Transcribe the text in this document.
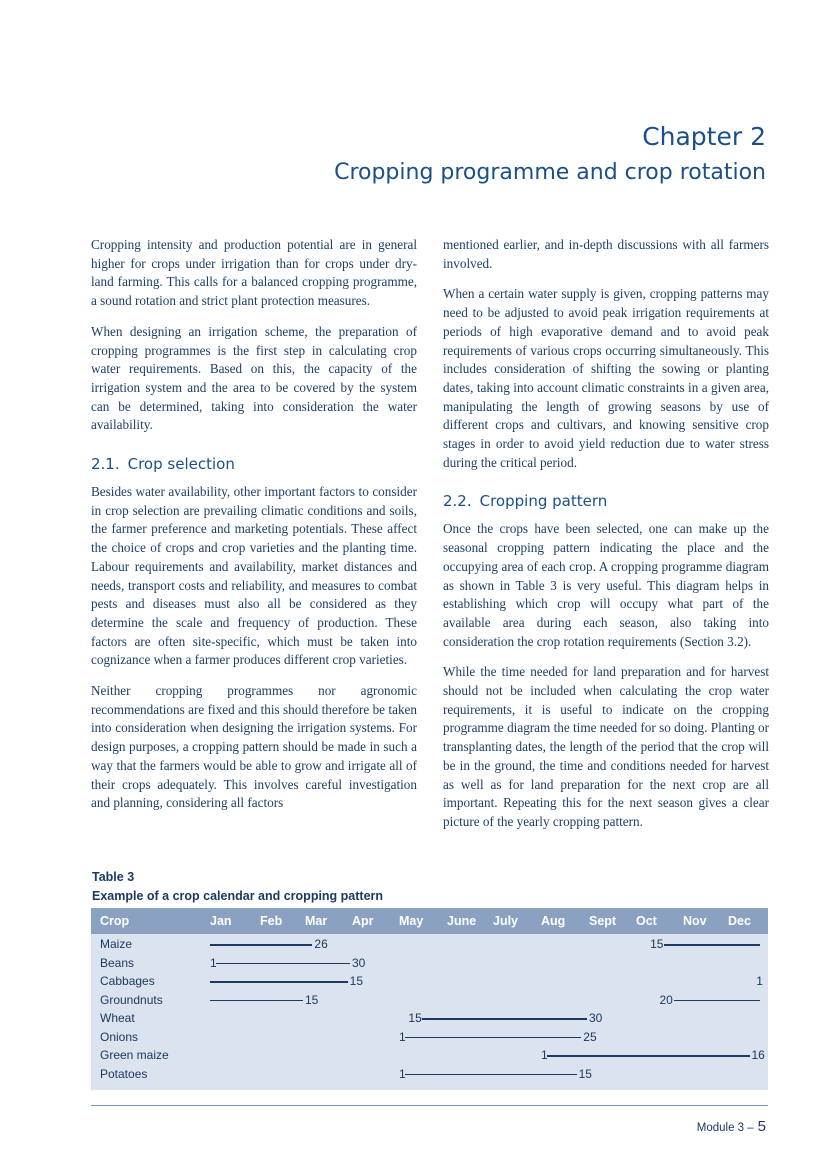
Chapter 2
Cropping programme and crop rotation

Cropping intensity and production potential are in general higher for crops under irrigation than for crops under dry-land farming. This calls for a balanced cropping programme, a sound rotation and strict plant protection measures.

When designing an irrigation scheme, the preparation of cropping programmes is the first step in calculating crop water requirements. Based on this, the capacity of the irrigation system and the area to be covered by the system can be determined, taking into consideration the water availability.

2.1. Crop selection

Besides water availability, other important factors to consider in crop selection are prevailing climatic conditions and soils, the farmer preference and marketing potentials. These affect the choice of crops and crop varieties and the planting time. Labour requirements and availability, market distances and needs, transport costs and reliability, and measures to combat pests and diseases must also all be considered as they determine the scale and frequency of production. These factors are often site-specific, which must be taken into cognizance when a farmer produces different crop varieties.

Neither cropping programmes nor agronomic recommendations are fixed and this should therefore be taken into consideration when designing the irrigation systems. For design purposes, a cropping pattern should be made in such a way that the farmers would be able to grow and irrigate all of their crops adequately. This involves careful investigation and planning, considering all factors

mentioned earlier, and in-depth discussions with all farmers involved.

When a certain water supply is given, cropping patterns may need to be adjusted to avoid peak irrigation requirements at periods of high evaporative demand and to avoid peak requirements of various crops occurring simultaneously. This includes consideration of shifting the sowing or planting dates, taking into account climatic constraints in a given area, manipulating the length of growing seasons by use of different crops and cultivars, and knowing sensitive crop stages in order to avoid yield reduction due to water stress during the critical period.

2.2. Cropping pattern

Once the crops have been selected, one can make up the seasonal cropping pattern indicating the place and the occupying area of each crop. A cropping programme diagram as shown in Table 3 is very useful. This diagram helps in establishing which crop will occupy what part of the available area during each season, also taking into consideration the crop rotation requirements (Section 3.2).

While the time needed for land preparation and for harvest should not be included when calculating the crop water requirements, it is useful to indicate on the cropping programme diagram the time needed for so doing. Planting or transplanting dates, the length of the period that the crop will be in the ground, the time and conditions needed for harvest as well as for land preparation for the next crop are all important. Repeating this for the next season gives a clear picture of the yearly cropping pattern.

Table 3
Example of a crop calendar and cropping pattern
Crop	Jan Feb Mar Apr May June July Aug Sept Oct Nov Dec
Maize	26	15
Beans	1	30
Cabbages	15	1
Groundnuts	15	20
Wheat	15	30
Onions	1	25
Green maize	1	16
Potatoes	1	15
Module 3 – 5
